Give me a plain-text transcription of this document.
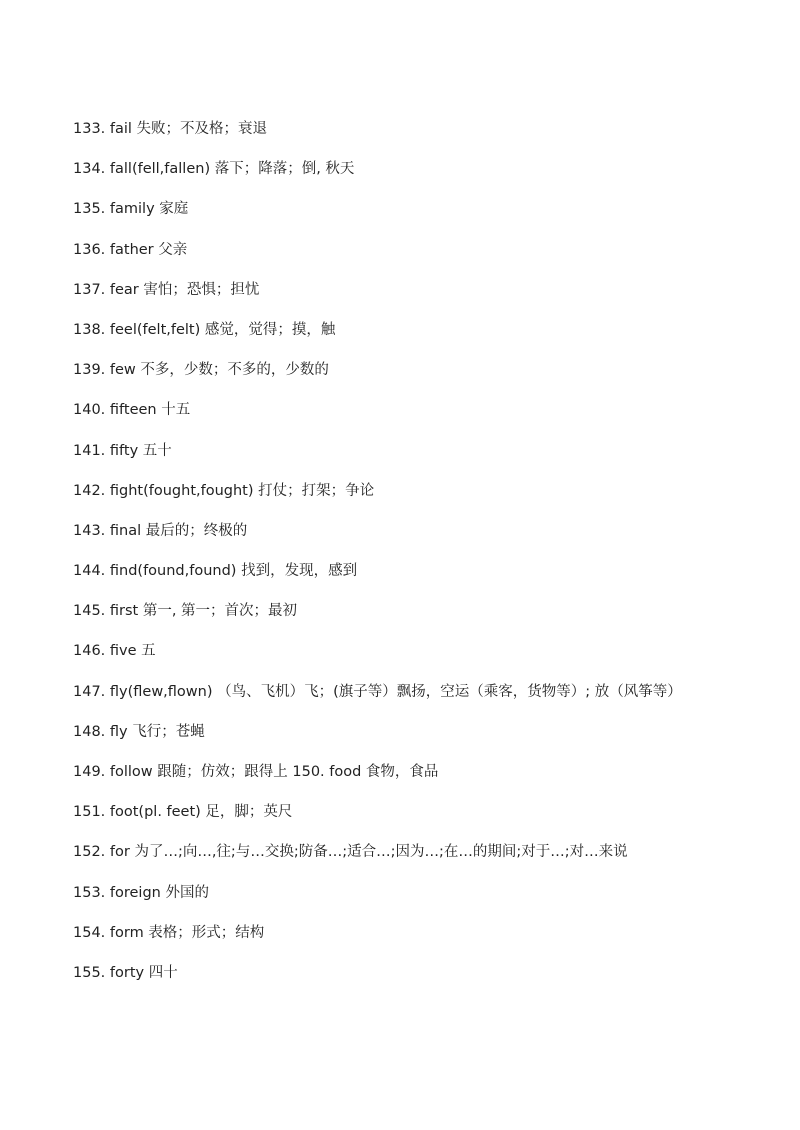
133. fail 失败；不及格；衰退
134. fall(fell,fallen) 落下；降落；倒, 秋天
135. family 家庭
136. father 父亲
137. fear 害怕；恐惧；担忧
138. feel(felt,felt) 感觉，觉得；摸，触
139. few 不多，少数；不多的，少数的
140. fifteen 十五
141. fifty 五十
142. fight(fought,fought) 打仗；打架；争论
143. final 最后的；终极的
144. find(found,found) 找到，发现，感到
145. first 第一, 第一；首次；最初
146. five 五
147. fly(flew,flown) （鸟、飞机）飞；(旗子等）飘扬，空运（乘客，货物等）; 放（风筝等）
148. fly 飞行；苍蝇
149. follow 跟随；仿效；跟得上 150. food 食物，食品
151. foot(pl. feet) 足，脚；英尺
152. for 为了…;向…,往;与…交换;防备…;适合…;因为…;在…的期间;对于…;对…来说
153. foreign 外国的
154. form 表格；形式；结构
155. forty 四十
